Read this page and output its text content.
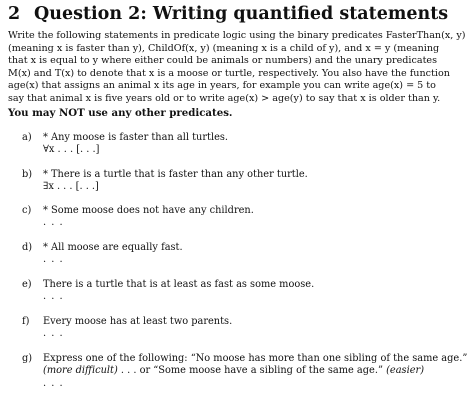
2 Question 2: Writing quantified statements
Write the following statements in predicate logic using the binary predicates FasterThan(x, y)
(meaning x is faster than y), ChildOf(x, y) (meaning x is a child of y), and x = y (meaning
that x is equal to y where either could be animals or numbers) and the unary predicates
M(x) and T(x) to denote that x is a moose or turtle, respectively. You also have the function
age(x) that assigns an animal x its age in years, for example you can write age(x) = 5 to
say that animal x is five years old or to write age(x) > age(y) to say that x is older than y.
You may NOT use any other predicates.
a) * Any moose is faster than all turtles.
∀x . . . [. . .]
b) * There is a turtle that is faster than any other turtle.
∃x . . . [. . .]
c) * Some moose does not have any children.
. . .
d) * All moose are equally fast.
. . .
e) There is a turtle that is at least as fast as some moose.
. . .
f) Every moose has at least two parents.
. . .
g) Express one of the following: “No moose has more than one sibling of the same age.”
(more difficult) . . . or “Some moose have a sibling of the same age.” (easier)
. . .
